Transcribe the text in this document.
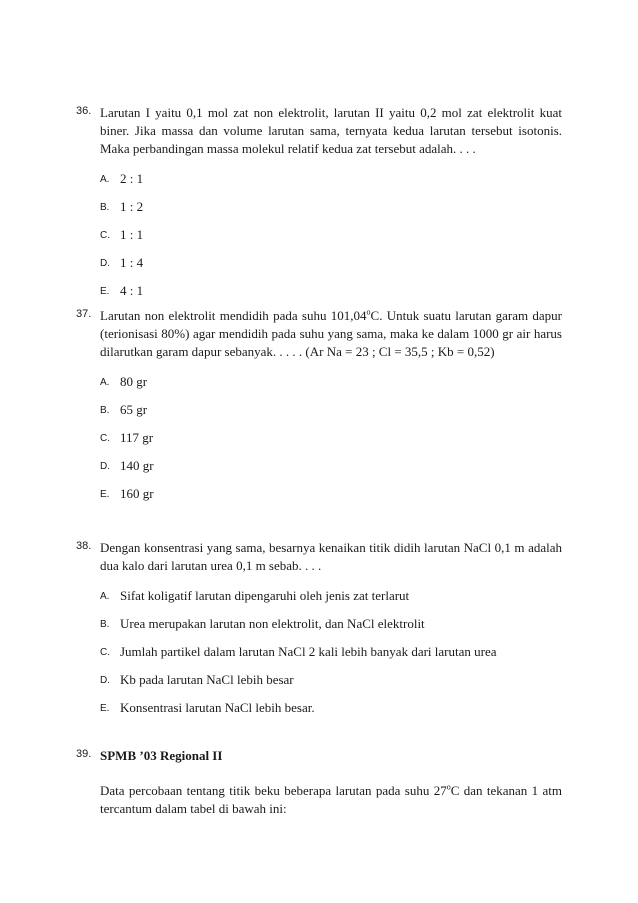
36. Larutan I yaitu 0,1 mol zat non elektrolit, larutan II yaitu 0,2 mol zat elektrolit kuat biner. Jika massa dan volume larutan sama, ternyata kedua larutan tersebut isotonis. Maka perbandingan massa molekul relatif kedua zat tersebut adalah. . . .

A. 2 : 1
B. 1 : 2
C. 1 : 1
D. 1 : 4
E. 4 : 1
37. Larutan non elektrolit mendidih pada suhu 101,04$^o$C. Untuk suatu larutan garam dapur (terionisasi 80%) agar mendidih pada suhu yang sama, maka ke dalam 1000 gr air harus dilarutkan garam dapur sebanyak. . . . . (Ar Na = 23 ; Cl = 35,5 ; Kb = 0,52)

A. 80 gr
B. 65 gr
C. 117 gr
D. 140 gr
E. 160 gr
38. Dengan konsentrasi yang sama, besarnya kenaikan titik didih larutan NaCl 0,1 m adalah dua kalo dari larutan urea 0,1 m sebab. . . .

A. Sifat koligatif larutan dipengaruhi oleh jenis zat terlarut
B. Urea merupakan larutan non elektrolit, dan NaCl elektrolit
C. Jumlah partikel dalam larutan NaCl 2 kali lebih banyak dari larutan urea
D. Kb pada larutan NaCl lebih besar
E. Konsentrasi larutan NaCl lebih besar.
39. SPMB ’03 Regional II

Data percobaan tentang titik beku beberapa larutan pada suhu 27$^o$C dan tekanan 1 atm tercantum dalam tabel di bawah ini:
